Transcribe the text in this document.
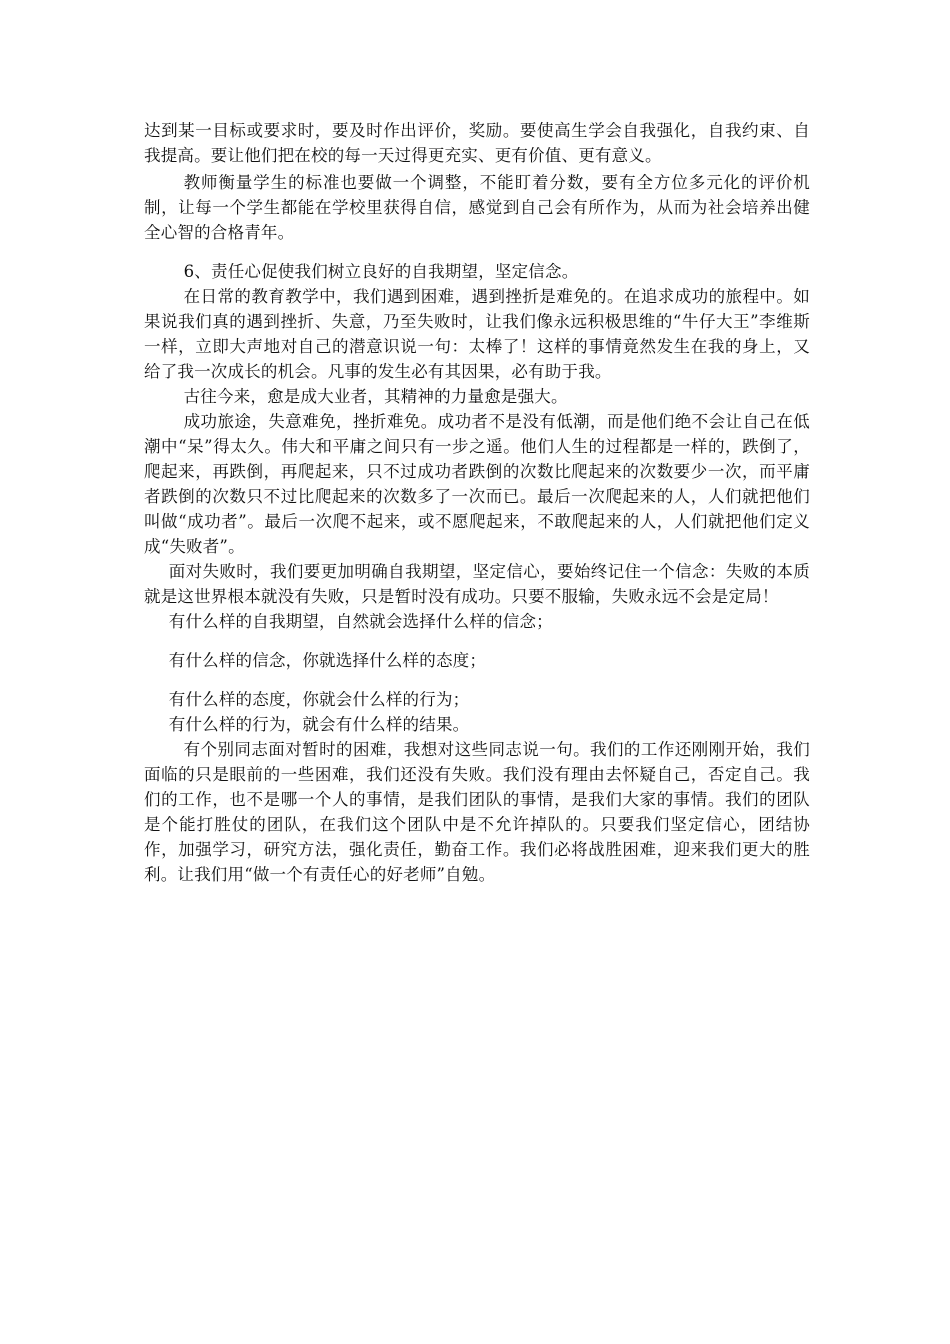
达到某一目标或要求时，要及时作出评价，奖励。要使高生学会自我强化，自我约束、自我提高。要让他们把在校的每一天过得更充实、更有价值、更有意义。

教师衡量学生的标准也要做一个调整，不能盯着分数，要有全方位多元化的评价机制，让每一个学生都能在学校里获得自信，感觉到自己会有所作为，从而为社会培养出健全心智的合格青年。

6、责任心促使我们树立良好的自我期望，坚定信念。

在日常的教育教学中，我们遇到困难，遇到挫折是难免的。在追求成功的旅程中。如果说我们真的遇到挫折、失意，乃至失败时，让我们像永远积极思维的“牛仔大王”李维斯一样，立即大声地对自己的潜意识说一句：太棒了！这样的事情竟然发生在我的身上，又给了我一次成长的机会。凡事的发生必有其因果，必有助于我。

古往今来，愈是成大业者，其精神的力量愈是强大。

成功旅途，失意难免，挫折难免。成功者不是没有低潮，而是他们绝不会让自己在低潮中“呆”得太久。伟大和平庸之间只有一步之遥。他们人生的过程都是一样的，跌倒了，爬起来，再跌倒，再爬起来，只不过成功者跌倒的次数比爬起来的次数要少一次，而平庸者跌倒的次数只不过比爬起来的次数多了一次而已。最后一次爬起来的人，人们就把他们叫做“成功者”。最后一次爬不起来，或不愿爬起来，不敢爬起来的人，人们就把他们定义成“失败者”。

面对失败时，我们要更加明确自我期望，坚定信心，要始终记住一个信念：失败的本质就是这世界根本就没有失败，只是暂时没有成功。只要不服输，失败永远不会是定局！

有什么样的自我期望，自然就会选择什么样的信念；

有什么样的信念，你就选择什么样的态度；

有什么样的态度，你就会什么样的行为；

有什么样的行为，就会有什么样的结果。

有个别同志面对暂时的困难，我想对这些同志说一句。我们的工作还刚刚开始，我们面临的只是眼前的一些困难，我们还没有失败。我们没有理由去怀疑自己，否定自己。我们的工作，也不是哪一个人的事情，是我们团队的事情，是我们大家的事情。我们的团队是个能打胜仗的团队，在我们这个团队中是不允许掉队的。只要我们坚定信心，团结协作，加强学习，研究方法，强化责任，勤奋工作。我们必将战胜困难，迎来我们更大的胜利。让我们用“做一个有责任心的好老师”自勉。
